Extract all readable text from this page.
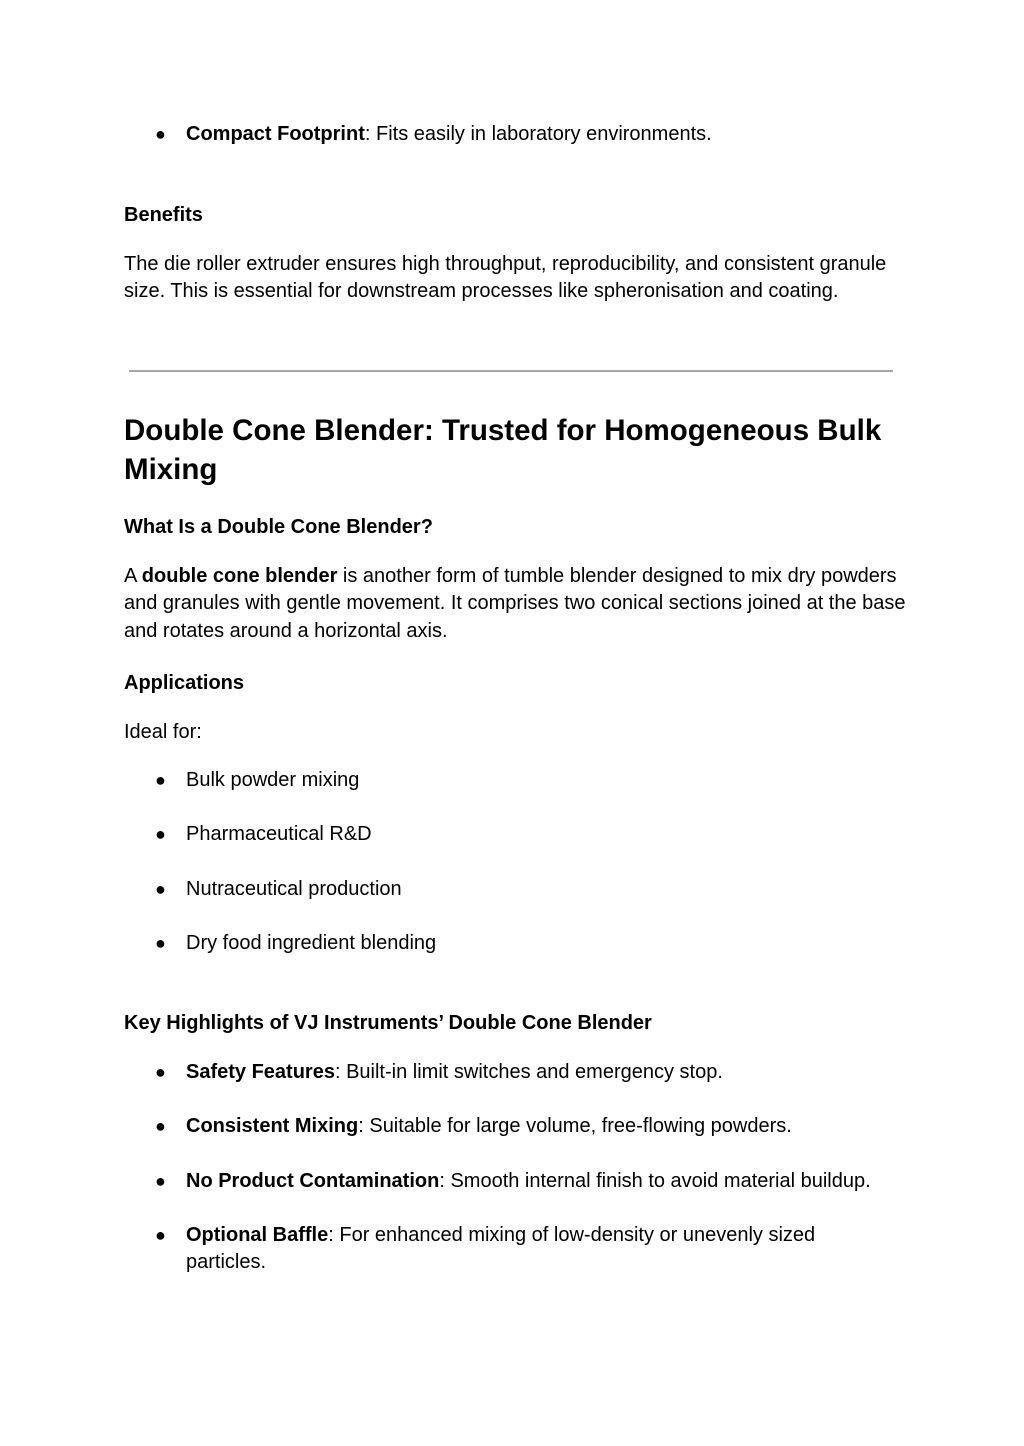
● Compact Footprint: Fits easily in laboratory environments.
Benefits
The die roller extruder ensures high throughput, reproducibility, and consistent granule size. This is essential for downstream processes like spheronisation and coating.
Double Cone Blender: Trusted for Homogeneous Bulk Mixing
What Is a Double Cone Blender?
A double cone blender is another form of tumble blender designed to mix dry powders and granules with gentle movement. It comprises two conical sections joined at the base and rotates around a horizontal axis.
Applications
Ideal for:
● Bulk powder mixing
● Pharmaceutical R&D
● Nutraceutical production
● Dry food ingredient blending
Key Highlights of VJ Instruments’ Double Cone Blender
● Safety Features: Built-in limit switches and emergency stop.
● Consistent Mixing: Suitable for large volume, free-flowing powders.
● No Product Contamination: Smooth internal finish to avoid material buildup.
● Optional Baffle: For enhanced mixing of low-density or unevenly sized particles.
